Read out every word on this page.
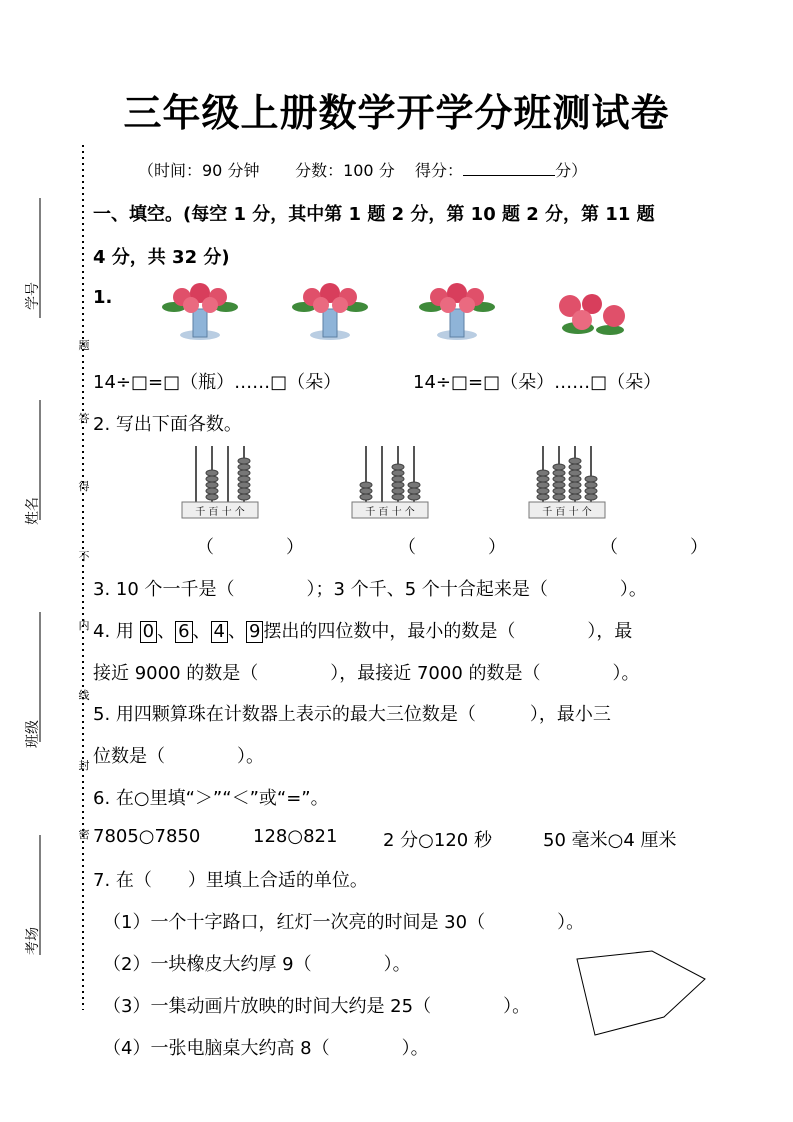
三年级上册数学开学分班测试卷
（时间：90 分钟 分数：100 分 得分：	分）
学号
姓名
班级
考场
题
答
得
不
内
线
封
密
一、填空。(每空 1 分，其中第 1 题 2 分，第 10 题 2 分，第 11 题
4 分，共 32 分)
1.
14÷□=□（瓶）……□（朵）	14÷□=□（朵）……□（朵）
2. 写出下面各数。
千 百 十 个	千 百 十 个	千 百 十 个
（　　　　）	（　　　　）	（　　　　）
3. 10 个一千是（　　　　）；3 个千、5 个十合起来是（　　　　）。
4. 用 0 、 6 、 4 、 9 摆出的四位数中，最小的数是（　　　　），最
接近 9000 的数是（　　　　），最接近 7000 的数是（　　　　）。
5. 用四颗算珠在计数器上表示的最大三位数是（　　　），最小三
位数是（　　　　）。
6. 在○里填“＞”“＜”或“=”。
7805○7850	128○821	2 分○120 秒	50 毫米○4 厘米
7. 在（　　）里填上合适的单位。
（1）一个十字路口，红灯一次亮的时间是 30（　　　　）。
（2）一块橡皮大约厚 9（　　　　）。
（3）一集动画片放映的时间大约是 25（　　　　）。
（4）一张电脑桌大约高 8（　　　　）。
